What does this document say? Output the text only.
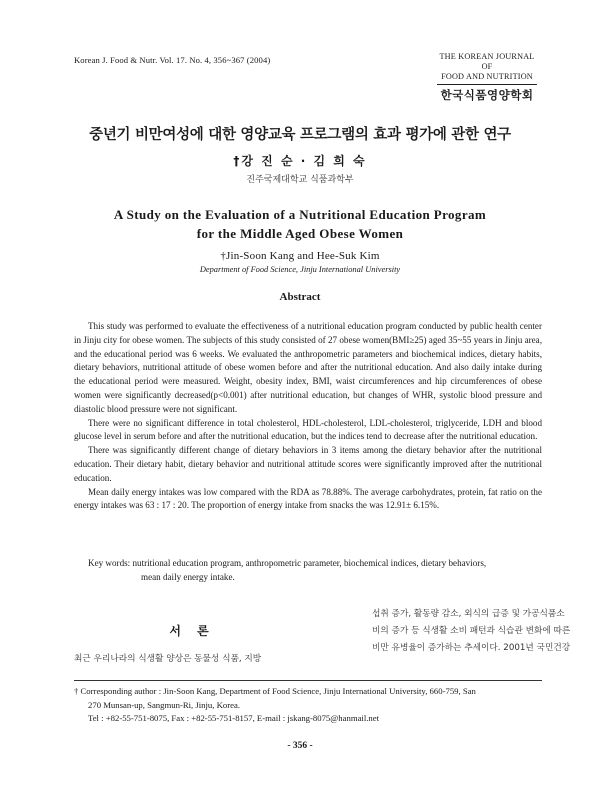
Korean J. Food & Nutr. Vol. 17. No. 4, 356~367 (2004)	THE KOREAN JOURNAL OF
FOOD AND NUTRITION
한국식품영양학회
중년기 비만여성에 대한 영양교육 프로그램의 효과 평가에 관한 연구
†강 진 순 · 김 희 숙
진주국제대학교 식품과학부
A Study on the Evaluation of a Nutritional Education Program
for the Middle Aged Obese Women
†Jin-Soon Kang and Hee-Suk Kim
Department of Food Science, Jinju International University
Abstract

This study was performed to evaluate the effectiveness of a nutritional education program conducted by public health center in Jinju city for obese women. The subjects of this study consisted of 27 obese women(BMI≥25) aged 35~55 years in Jinju area, and the educational period was 6 weeks. We evaluated the anthropometric parameters and biochemical indices, dietary habits, dietary behaviors, nutritional attitude of obese women before and after the nutritional education. And also daily intake during the educational period were measured. Weight, obesity index, BMI, waist circumferences and hip circumferences of obese women were significantly decreased(p<0.001) after nutritional education, but changes of WHR, systolic blood pressure and diastolic blood pressure were not significant.

There were no significant difference in total cholesterol, HDL-cholesterol, LDL-cholesterol, triglyceride, LDH and blood glucose level in serum before and after the nutritional education, but the indices tend to decrease after the nutritional education.

There was significantly different change of dietary behaviors in 3 items among the dietary behavior after the nutritional education. Their dietary habit, dietary behavior and nutritional attitude scores were significantly improved after the nutritional education.

Mean daily energy intakes was low compared with the RDA as 78.88%. The average carbohydrates, protein, fat ratio on the energy intakes was 63 : 17 : 20. The proportion of energy intake from snacks the was 12.91± 6.15%.

Key words: nutritional education program, anthropometric parameter, biochemical indices, dietary behaviors,
mean daily energy intake.
서 론
최근 우리나라의 식생활 양상은 동물성 식품, 지방
섭취 증가, 활동량 감소, 외식의 급증 및 가공식품소
비의 증가 등 식생활 소비 패턴과 식습관 변화에 따른
비만 유병율이 증가하는 추세이다. 2001년 국민건강
† Corresponding author : Jin-Soon Kang, Department of Food Science, Jinju International University, 660-759, San
270 Munsan-up, Sangmun-Ri, Jinju, Korea.
Tel : +82-55-751-8075, Fax : +82-55-751-8157, E-mail : jskang-8075@hanmail.net
- 356 -
